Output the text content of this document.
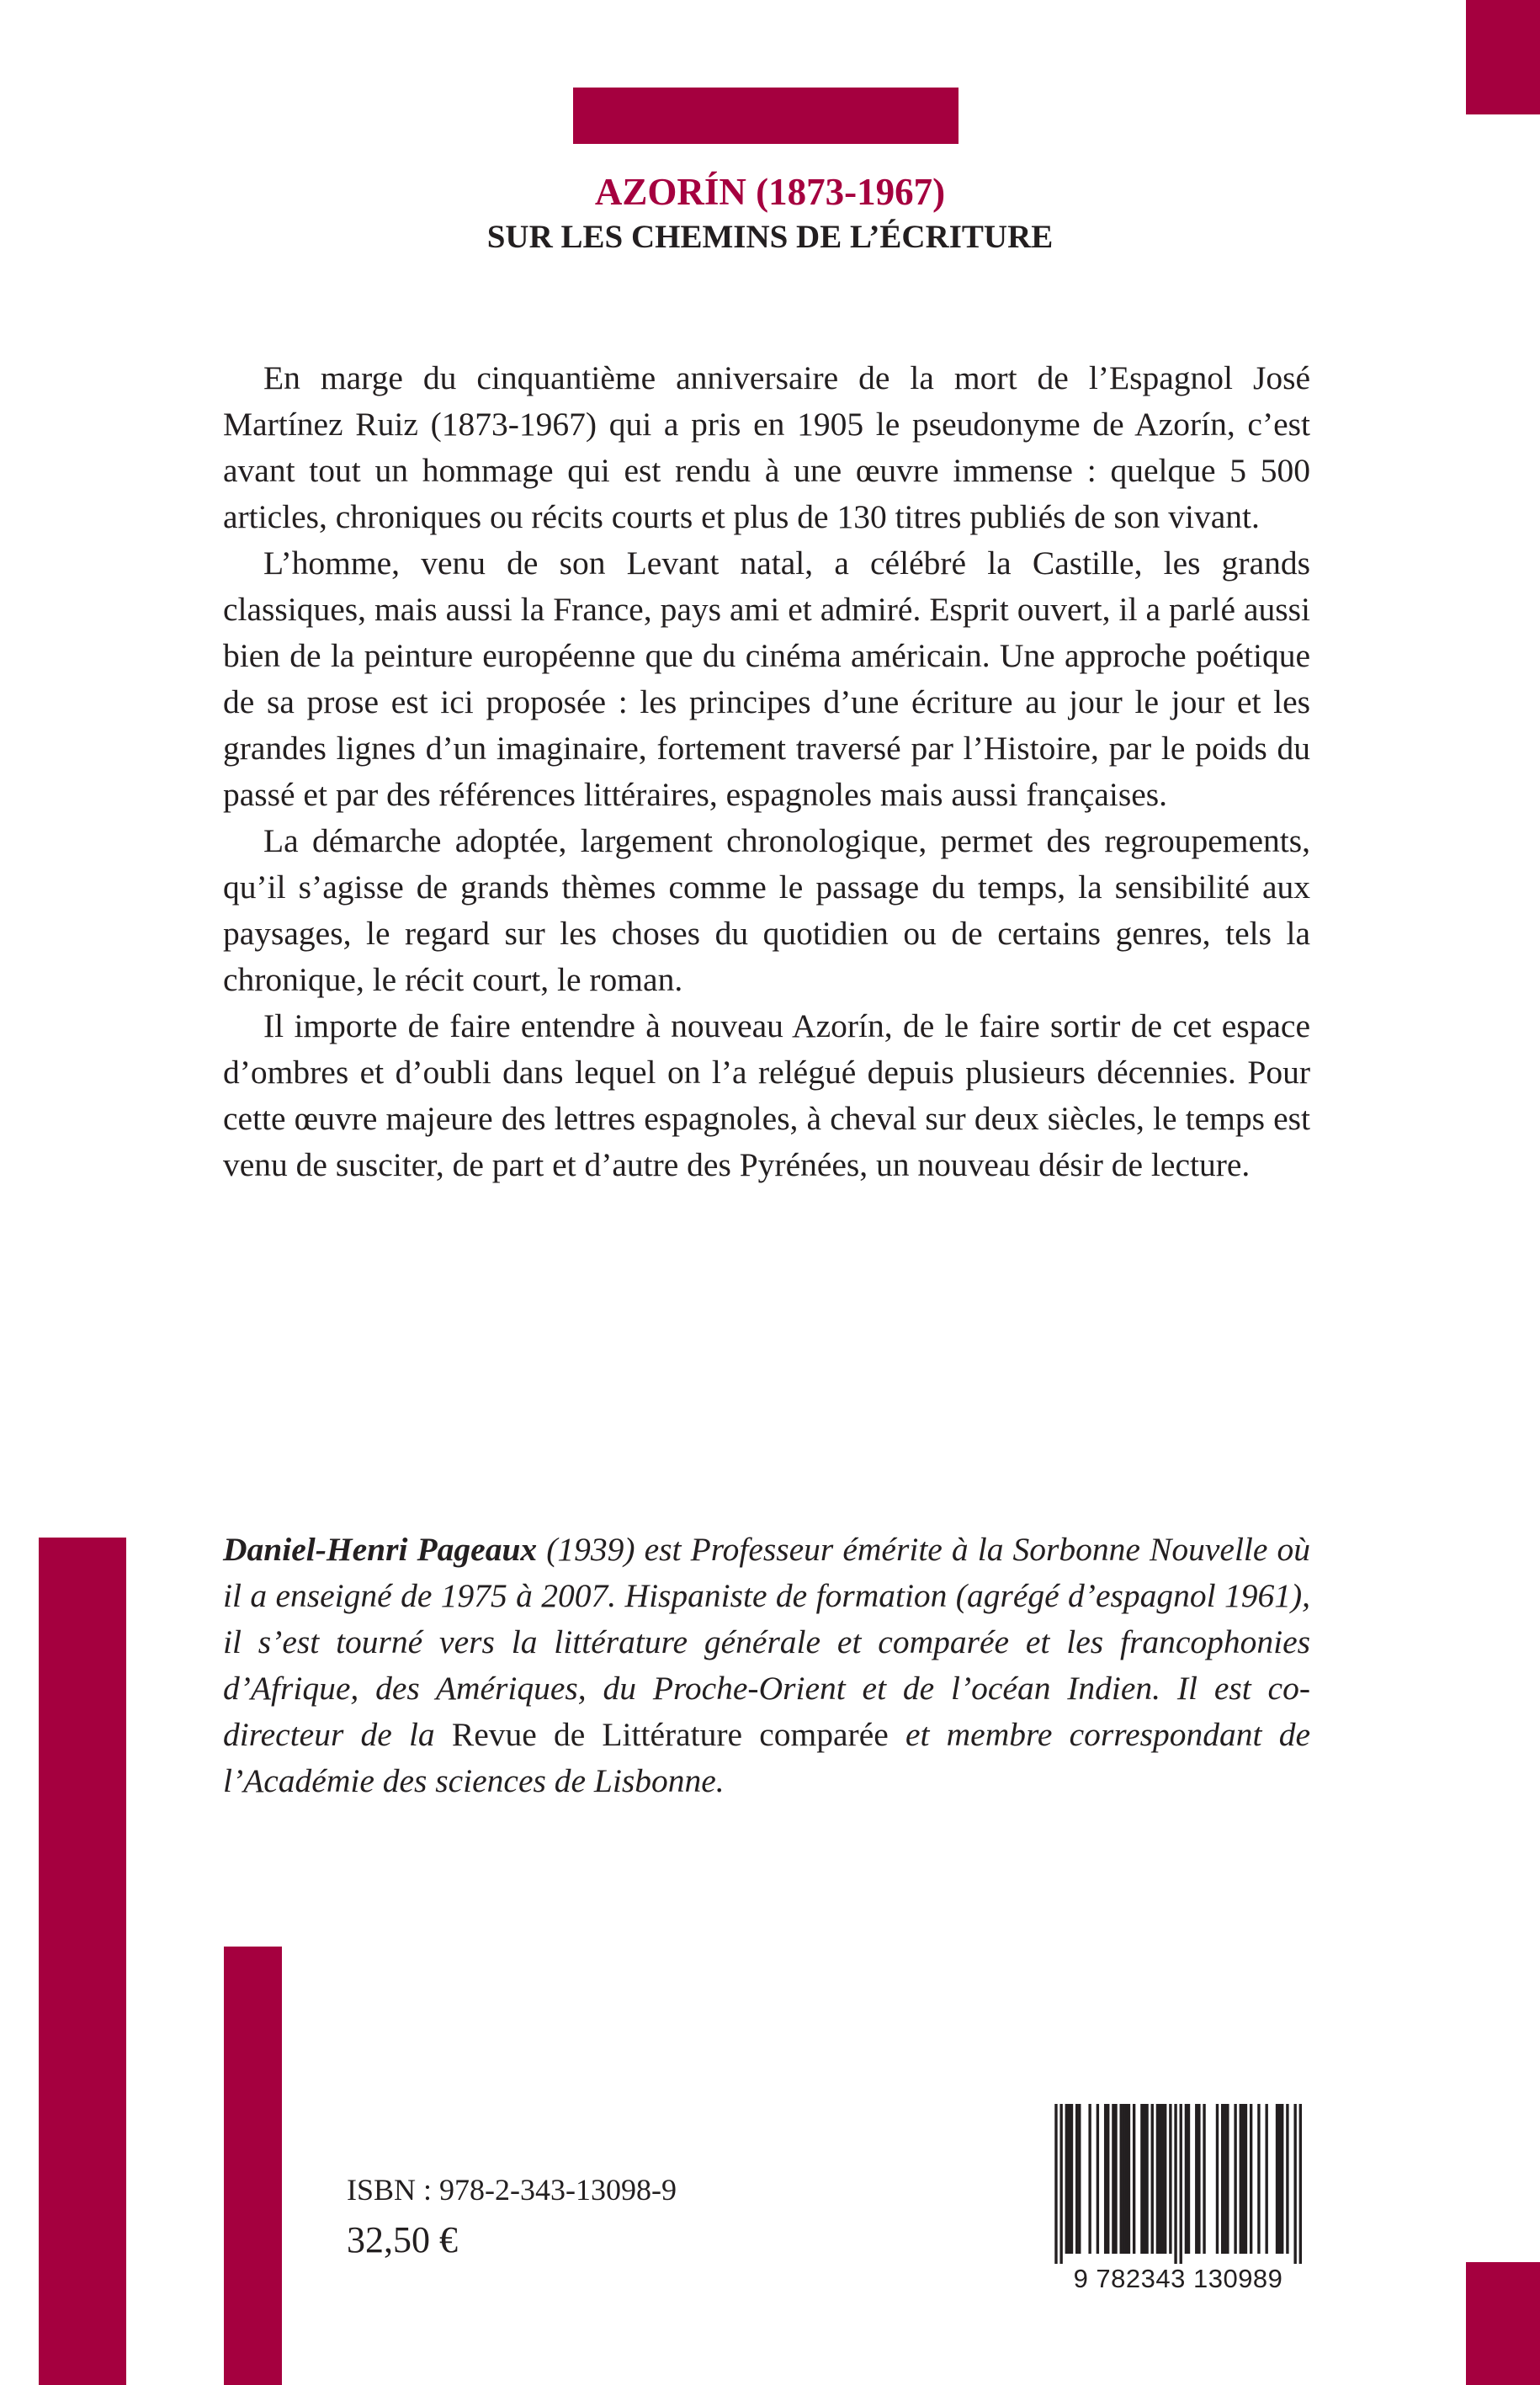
AZORÍN (1873-1967)
SUR LES CHEMINS DE L’ÉCRITURE

En marge du cinquantième anniversaire de la mort de l’Espagnol José Martínez Ruiz (1873-1967) qui a pris en 1905 le pseudonyme de Azorín, c’est avant tout un hommage qui est rendu à une œuvre immense : quelque 5 500 articles, chroniques ou récits courts et plus de 130 titres publiés de son vivant.

L’homme, venu de son Levant natal, a célébré la Castille, les grands classiques, mais aussi la France, pays ami et admiré. Esprit ouvert, il a parlé aussi bien de la peinture européenne que du cinéma américain. Une approche poétique de sa prose est ici proposée : les principes d’une écriture au jour le jour et les grandes lignes d’un imaginaire, fortement traversé par l’Histoire, par le poids du passé et par des références littéraires, espagnoles mais aussi françaises.

La démarche adoptée, largement chronologique, permet des regroupements, qu’il s’agisse de grands thèmes comme le passage du temps, la sensibilité aux paysages, le regard sur les choses du quotidien ou de certains genres, tels la chronique, le récit court, le roman.

Il importe de faire entendre à nouveau Azorín, de le faire sortir de cet espace d’ombres et d’oubli dans lequel on l’a relégué depuis plusieurs décennies. Pour cette œuvre majeure des lettres espagnoles, à cheval sur deux siècles, le temps est venu de susciter, de part et d’autre des Pyrénées, un nouveau désir de lecture.

Daniel-Henri Pageaux (1939) est Professeur émérite à la Sorbonne Nouvelle où il a enseigné de 1975 à 2007. Hispaniste de formation (agrégé d’espagnol 1961), il s’est tourné vers la littérature générale et comparée et les francophonies d’Afrique, des Amériques, du Proche-Orient et de l’océan Indien. Il est co-directeur de la Revue de Littérature comparée et membre correspondant de l’Académie des sciences de Lisbonne.

ISBN : 978-2-343-13098-9
32,50 €
9 782343 130989
